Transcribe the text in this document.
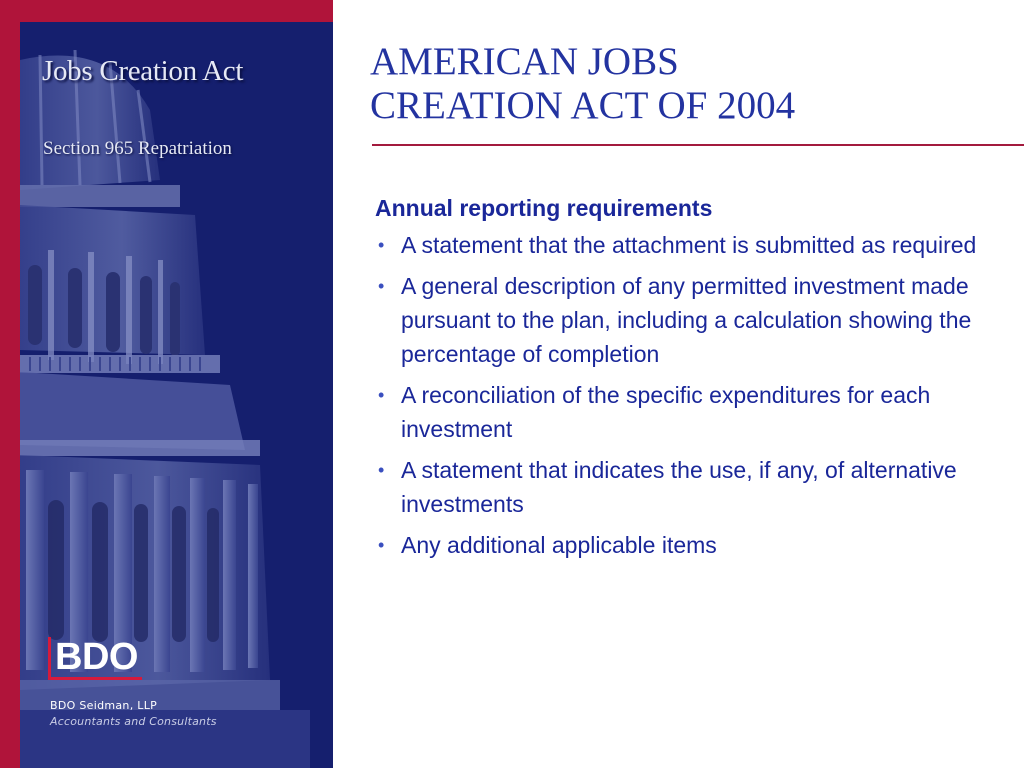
Jobs Creation Act

Section 965 Repatriation

BDO

BDO Seidman, LLP

Accountants and Consultants

AMERICAN JOBS
CREATION ACT OF 2004

Annual reporting requirements

• A statement that the attachment is submitted as required
• A general description of any permitted investment made pursuant to the plan, including a calculation showing the percentage of completion
• A reconciliation of the specific expenditures for each investment
• A statement that indicates the use, if any, of alternative investments
• Any additional applicable items
